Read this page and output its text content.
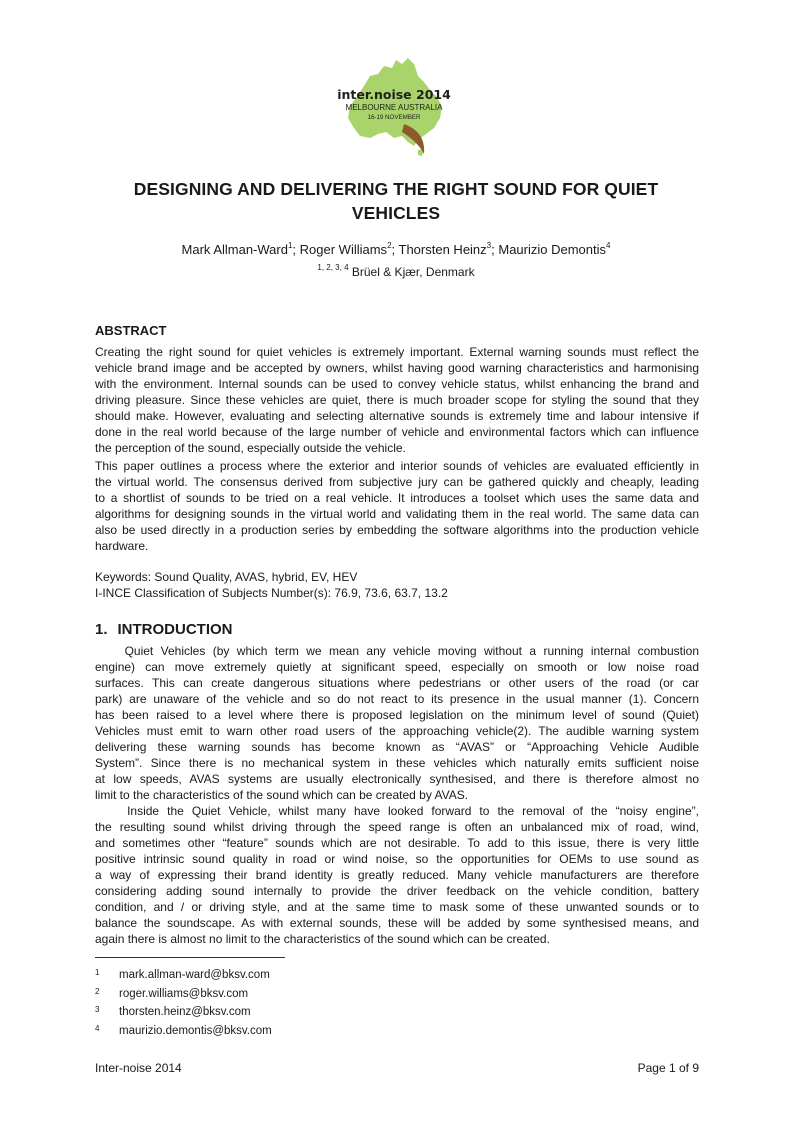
inter.noise 2014
MELBOURNE AUSTRALIA
16-19 NOVEMBER
DESIGNING AND DELIVERING THE RIGHT SOUND FOR QUIET
VEHICLES
Mark Allman-Ward$^1$; Roger Williams$^2$; Thorsten Heinz$^3$; Maurizio Demontis$^4$
$^{1, 2, 3, 4}$ Brüel & Kjær, Denmark
ABSTRACT
Creating the right sound for quiet vehicles is extremely important. External warning sounds must reflect the
vehicle brand image and be accepted by owners, whilst having good warning characteristics and harmonising
with the environment. Internal sounds can be used to convey vehicle status, whilst enhancing the brand and
driving pleasure. Since these vehicles are quiet, there is much broader scope for styling the sound that they
should make. However, evaluating and selecting alternative sounds is extremely time and labour intensive if
done in the real world because of the large number of vehicle and environmental factors which can influence
the perception of the sound, especially outside the vehicle.
This paper outlines a process where the exterior and interior sounds of vehicles are evaluated efficiently in
the virtual world. The consensus derived from subjective jury can be gathered quickly and cheaply, leading
to a shortlist of sounds to be tried on a real vehicle. It introduces a toolset which uses the same data and
algorithms for designing sounds in the virtual world and validating them in the real world. The same data can
also be used directly in a production series by embedding the software algorithms into the production vehicle
hardware.
Keywords: Sound Quality, AVAS, hybrid, EV, HEV
I-INCE Classification of Subjects Number(s): 76.9, 73.6, 63.7, 13.2
1. INTRODUCTION
Quiet Vehicles (by which term we mean any vehicle moving without a running internal combustion
engine) can move extremely quietly at significant speed, especially on smooth or low noise road
surfaces. This can create dangerous situations where pedestrians or other users of the road (or car
park) are unaware of the vehicle and so do not react to its presence in the usual manner (1). Concern
has been raised to a level where there is proposed legislation on the minimum level of sound (Quiet)
Vehicles must emit to warn other road users of the approaching vehicle(2). The audible warning system
delivering these warning sounds has become known as “AVAS” or “Approaching Vehicle Audible
System”. Since there is no mechanical system in these vehicles which naturally emits sufficient noise
at low speeds, AVAS systems are usually electronically synthesised, and there is therefore almost no
limit to the characteristics of the sound which can be created by AVAS.
Inside the Quiet Vehicle, whilst many have looked forward to the removal of the “noisy engine”,
the resulting sound whilst driving through the speed range is often an unbalanced mix of road, wind,
and sometimes other “feature” sounds which are not desirable. To add to this issue, there is very little
positive intrinsic sound quality in road or wind noise, so the opportunities for OEMs to use sound as
a way of expressing their brand identity is greatly reduced. Many vehicle manufacturers are therefore
considering adding sound internally to provide the driver feedback on the vehicle condition, battery
condition, and / or driving style, and at the same time to mask some of these unwanted sounds or to
balance the soundscape. As with external sounds, these will be added by some synthesised means, and
again there is almost no limit to the characteristics of the sound which can be created.
1 mark.allman-ward@bksv.com
2 roger.williams@bksv.com
3 thorsten.heinz@bksv.com
4 maurizio.demontis@bksv.com
Inter-noise 2014	Page 1 of 9
